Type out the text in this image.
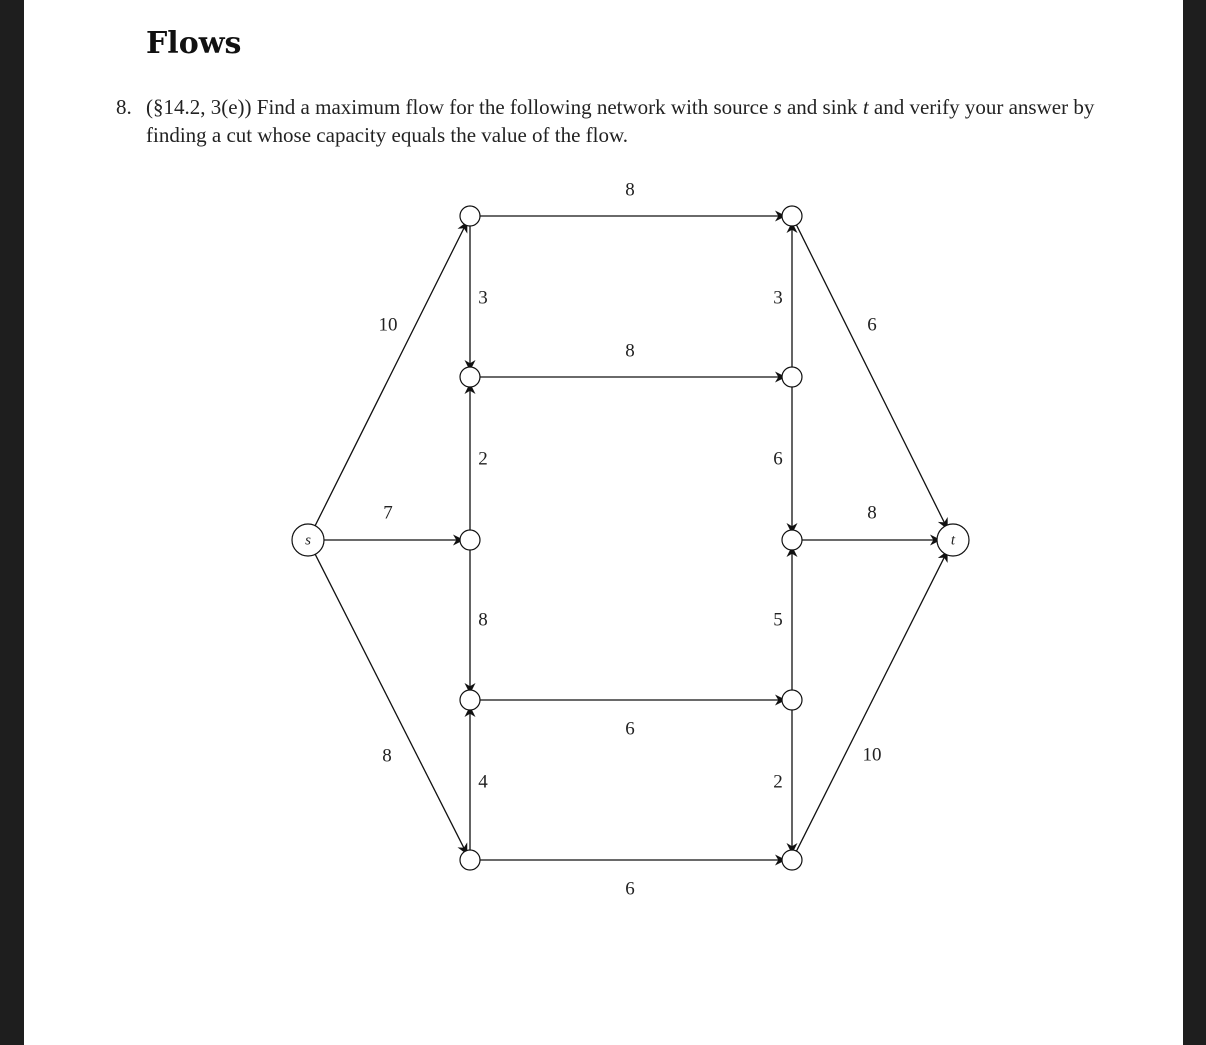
Flows
8. (§14.2, 3(e)) Find a maximum flow for the following network with source s and sink t and verify your answer by finding a cut whose capacity equals the value of the flow.
10
7
8
3
2
8
4
8
8
6
6
3
6
5
2
6
8
10
s	t
